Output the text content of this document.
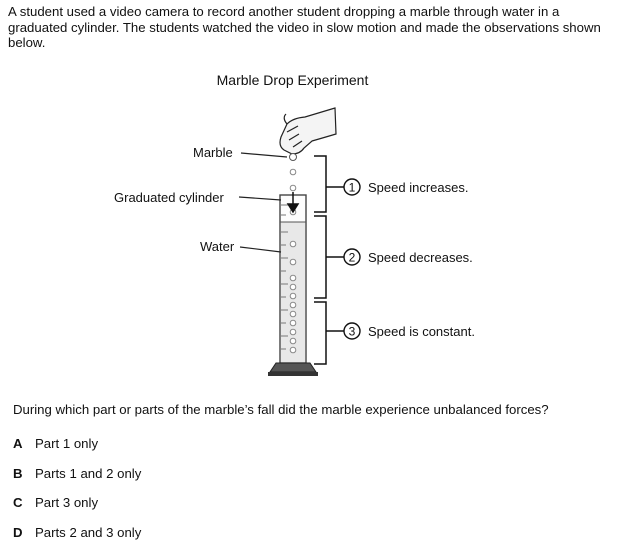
A student used a video camera to record another student dropping a marble through water in a graduated cylinder. The students watched the video in slow motion and made the observations shown below.

Marble Drop Experiment
Marble
Graduated cylinder
Water
1
2
3
Speed increases.
Speed decreases.
Speed is constant.

During which part or parts of the marble’s fall did the marble experience unbalanced forces?

A Part 1 only
B Parts 1 and 2 only
C Part 3 only
D Parts 2 and 3 only
